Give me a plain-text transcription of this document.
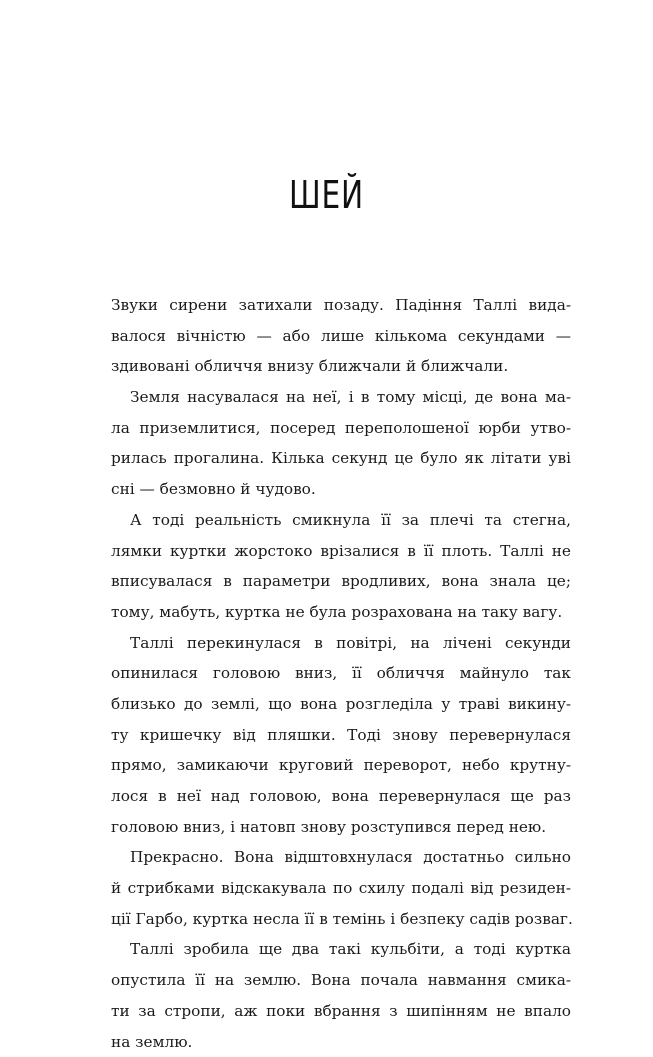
ШЕЙ
Звуки сирени затихали позаду. Падіння Таллі вида-
валося вічністю — або лише кількома секундами —
здивовані обличчя внизу ближчали й ближчали.
Земля насувалася на неї, і в тому місці, де вона ма-
ла приземлитися, посеред переполошеної юрби утво-
рилась прогалина. Кілька секунд це було як літати уві
сні — безмовно й чудово.
А тоді реальність смикнула її за плечі та стегна,
лямки куртки жорстоко врізалися в її плоть. Таллі не
вписувалася в параметри вродливих, вона знала це;
тому, мабуть, куртка не була розрахована на таку вагу.
Таллі перекинулася в повітрі, на лічені секунди
опинилася головою вниз, її обличчя майнуло так
близько до землі, що вона розгледіла у траві викину-
ту кришечку від пляшки. Тоді знову перевернулася
прямо, замикаючи круговий переворот, небо крутну-
лося в неї над головою, вона перевернулася ще раз
головою вниз, і натовп знову розступився перед нею.
Прекрасно. Вона відштовхнулася достатньо сильно
й стрибками відскакувала по схилу подалі від резиден-
ції Гарбо, куртка несла її в темінь і безпеку садів розваг.
Таллі зробила ще два такі кульбіти, а тоді куртка
опустила її на землю. Вона почала навмання смика-
ти за стропи, аж поки вбрання з шипінням не впало
на землю.
